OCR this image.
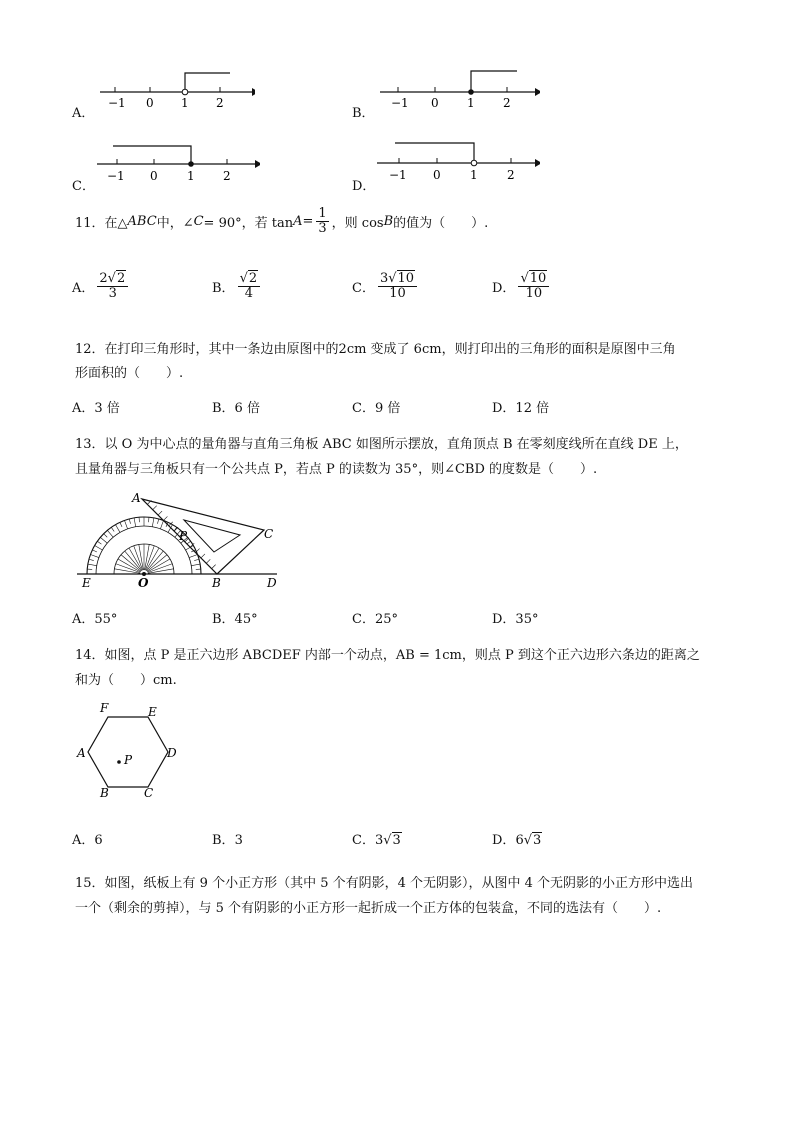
A．
−1 0 1 2
B．
−1 0 1 2
C．
−1 0 1 2
D．
−1 0 1 2
11． 在△ ABC 中，∠ C = 90°，若 $\tan A = \frac{1}{3}$ ，则 cos B 的值为（　　）.
A． $\frac{2√2}{3}$	B． $\frac{√2}{4}$	C． $\frac{3√10}{10}$	D． $\frac{√10}{10}$
12．在打印三角形时，其中一条边由原图中的2cm 变成了 6cm，则打印出的三角形的面积是原图中三角
形面积的（　　）.
A．3 倍	B．6 倍	C．9 倍	D．12 倍
13．以 O 为中心点的量角器与直角三角板 ABC 如图所示摆放，直角顶点 B 在零刻度线所在直线 DE 上，
且量角器与三角板只有一个公共点 P，若点 P 的读数为 35°，则∠CBD 的度数是（　　）.
A
C
P
E	O	B	D
A．55°	B．45°	C．25°	D．35°
14．如图，点 P 是正六边形 ABCDEF 内部一个动点，AB = 1cm，则点 P 到这个正六边形六条边的距离之
和为（　　）cm.
F	E
A	D
B	C
P
A．6	B．3	C．3√3	D．6√3
15．如图，纸板上有 9 个小正方形（其中 5 个有阴影，4 个无阴影），从图中 4 个无阴影的小正方形中选出
一个（剩余的剪掉），与 5 个有阴影的小正方形一起折成一个正方体的包装盒，不同的选法有（　　）.
